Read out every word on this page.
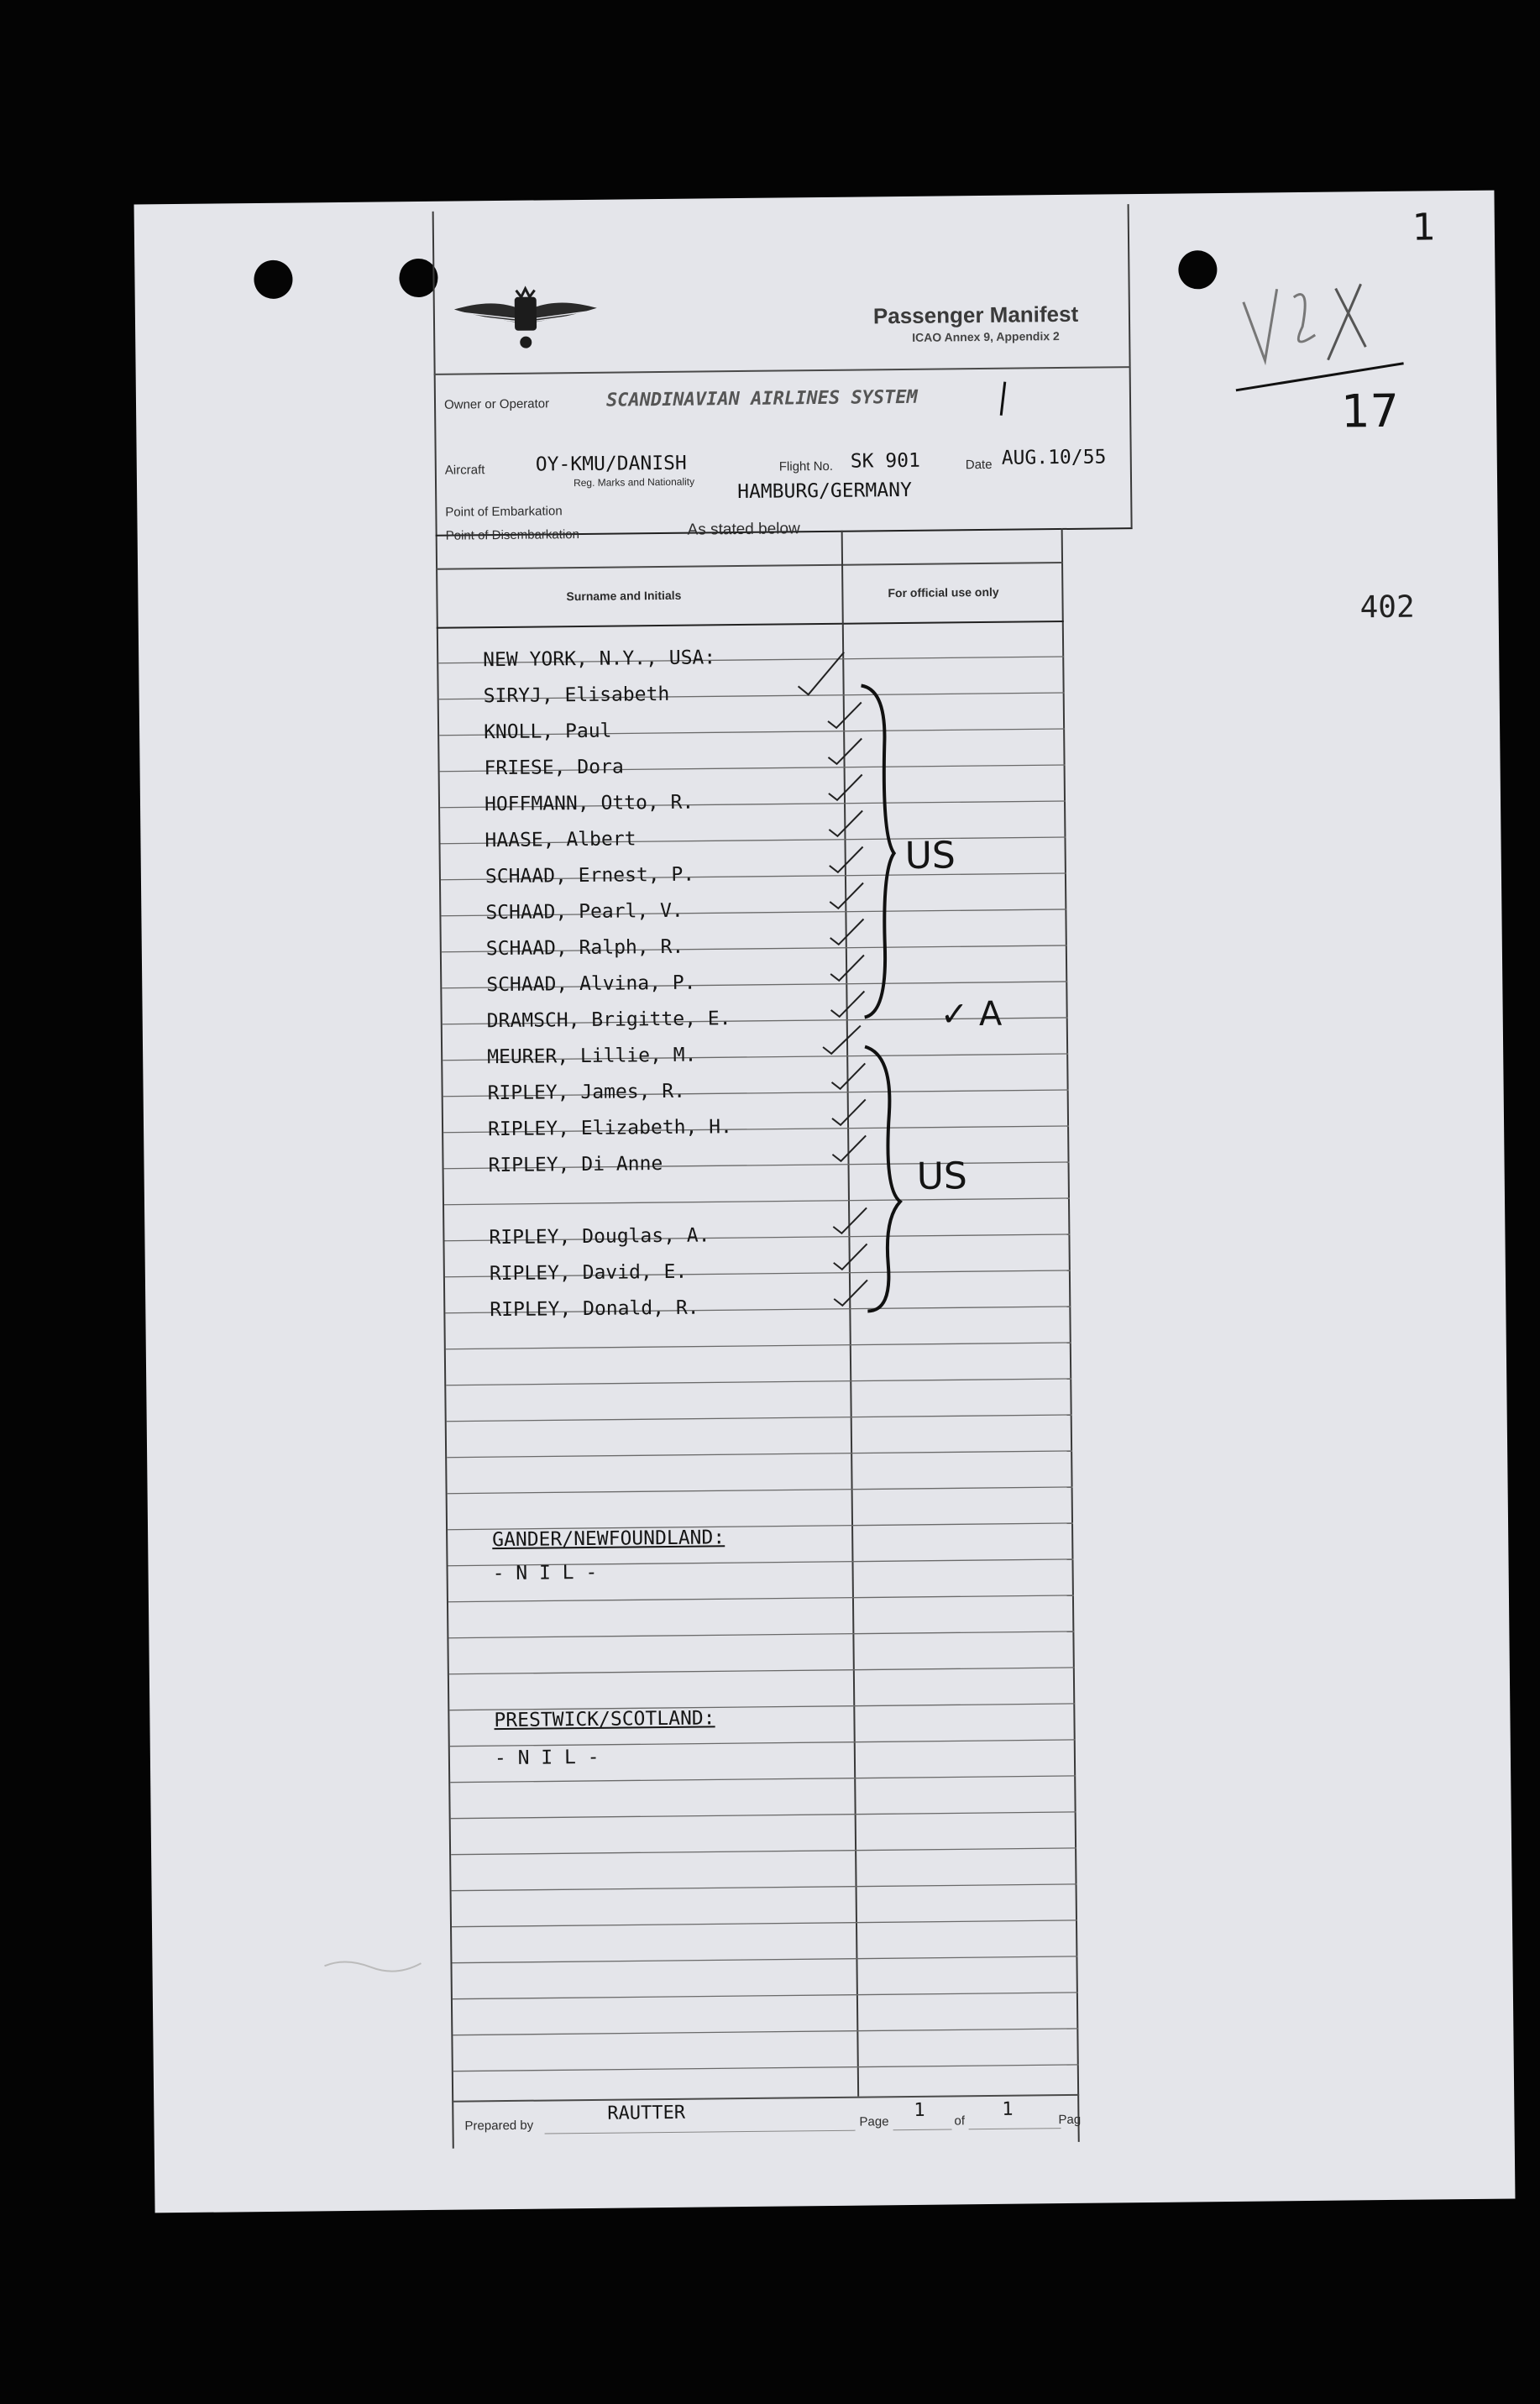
1
17
402
Passenger Manifest
ICAO Annex 9, Appendix 2
Owner or Operator	SCANDINAVIAN AIRLINES SYSTEM
Aircraft	OY-KMU/DANISH
Reg. Marks and Nationality
Flight No. SK 901	Date AUG.10/55
Point of Embarkation
HAMBURG/GERMANY
Point of Disembarkation	As stated below
Surname and Initials	For official use only
NEW YORK, N.Y., USA:
SIRYJ, Elisabeth
KNOLL, Paul
FRIESE, Dora
HOFFMANN, Otto, R.
HAASE, Albert
SCHAAD, Ernest, P.
SCHAAD, Pearl, V.
SCHAAD, Ralph, R.
SCHAAD, Alvina, P.
DRAMSCH, Brigitte, E.
MEURER, Lillie, M.
RIPLEY, James, R.
RIPLEY, Elizabeth, H.
RIPLEY, Di Anne
RIPLEY, Douglas, A.
RIPLEY, David, E.
RIPLEY, Donald, R.
GANDER/NEWFOUNDLAND:
- N I L -
PRESTWICK/SCOTLAND:
- N I L -
US
✓ A
US
Prepared by
RAUTTER	Page
1 of
1	Pag
